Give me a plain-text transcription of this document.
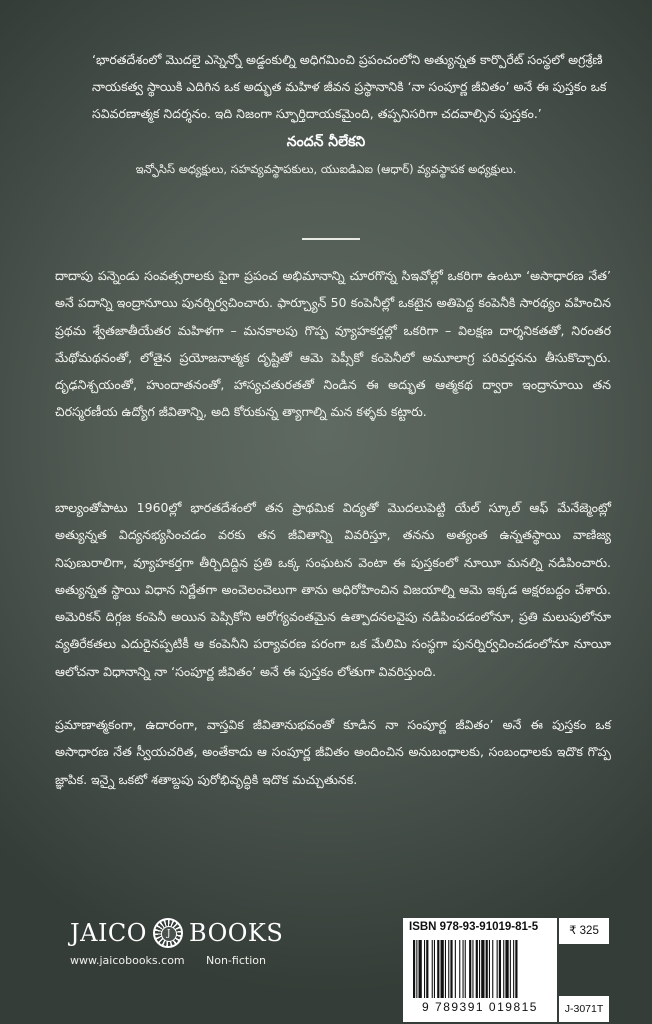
‘భారతదేశంలో మొదలై ఎస్నెన్నో అడ్డంకుల్ని అధిగమించి ప్రపంచంలోని అత్యున్నత కార్పొరేట్ సంస్థలో అగ్రశ్రేణి నాయకత్వ స్థాయికి ఎదిగిన ఒక అద్భుత మహిళ జీవన ప్రస్థానానికి ‘నా సంపూర్ణ జీవితం’ అనే ఈ పుస్తకం ఒక సవివరణాత్మక నిదర్శనం. ఇది నిజంగా స్ఫూర్తిదాయకమైంది, తప్పనిసరిగా చదవాల్సిన పుస్తకం.’
నందన్ నీలేకని
ఇన్ఫోసిస్ అధ్యక్షులు, సహవ్యవస్థాపకులు, యుఐడిఎఐ (ఆధార్) వ్యవస్థాపక అధ్యక్షులు.
దాదాపు పన్నెండు సంవత్సరాలకు పైగా ప్రపంచ అభిమానాన్ని చూరగొన్న సిఇవోల్లో ఒకరిగా ఉంటూ ‘అసాధారణ నేత’ అనే పదాన్ని ఇంద్రానూయి పునర్నిర్వచించారు. ఫార్చ్యూన్ 50 కంపెనీల్లో ఒకటైన అతిపెద్ద కంపెనీకి సారథ్యం వహించిన ప్రథమ శ్వేతజాతీయేతర మహిళగా – మనకాలపు గొప్ప వ్యూహకర్తల్లో ఒకరిగా – విలక్షణ దార్శనికతతో, నిరంతర మేథోమథనంతో, లోతైన ప్రయోజనాత్మక దృష్టితో ఆమె పెప్సీకో కంపెనీలో అమూలాగ్ర పరివర్తనను తీసుకొచ్చారు. దృఢనిశ్చయంతో, హుందాతనంతో, హాస్యచతురతతో నిండిన ఈ అద్భుత ఆత్మకథ ద్వారా ఇంద్రానూయి తన చిరస్మరణీయ ఉద్యోగ జీవితాన్ని, అది కోరుకున్న త్యాగాల్ని మన కళ్ళకు కట్టారు.
బాల్యంతోపాటు 1960ల్లో భారతదేశంలో తన ప్రాథమిక విద్యతో మొదలుపెట్టి యేల్ స్కూల్ ఆఫ్ మేనేజ్మెంట్లో అత్యున్నత విద్యనభ్యసించడం వరకు తన జీవితాన్ని వివరిస్తూ, తనను అత్యంత ఉన్నతస్థాయి వాణిజ్య నిపుణురాలిగా, వ్యూహకర్తగా తీర్చిదిద్దిన ప్రతి ఒక్క సంఘటన వెంటా ఈ పుస్తకంలో నూయీ మనల్ని నడిపించారు. అత్యున్నత స్థాయి విధాన నిర్ణేతగా అంచెలంచెలుగా తాను అధిరోహించిన విజయాల్ని ఆమె ఇక్కడ అక్షరబద్ధం చేశారు. అమెరికన్ దిగ్గజ కంపెనీ అయిన పెప్సికోని ఆరోగ్యవంతమైన ఉత్పాదనలవైపు నడిపించడంలోనూ, ప్రతి మలుపులోనూ వ్యతిరేకతలు ఎదురైనప్పటికీ ఆ కంపెనీని పర్యావరణ పరంగా ఒక మేలిమి సంస్థగా పునర్నిర్వచించడంలోనూ నూయీ ఆలోచనా విధానాన్ని నా ‘సంపూర్ణ జీవితం’ అనే ఈ పుస్తకం లోతుగా వివరిస్తుంది.
ప్రమాణాత్మకంగా, ఉదారంగా, వాస్తవిక జీవితానుభవంతో కూడిన నా సంపూర్ణ జీవితం’ అనే ఈ పుస్తకం ఒక అసాధారణ నేత స్వీయచరిత, అంతేకాదు ఆ సంపూర్ణ జీవితం అందించిన అనుబంధాలకు, సంబంధాలకు ఇదొక గొప్ప జ్ఞాపిక. ఇన్నై ఒకటో శతాబ్దపు పురోభివృద్ధికి ఇదొక మచ్చుతునక.
JAICO	J BOOKS
www.jaicobooks.com Non-fiction
ISBN 978-93-91019-81-5
9 789391 019815
₹ 325
J-3071T
